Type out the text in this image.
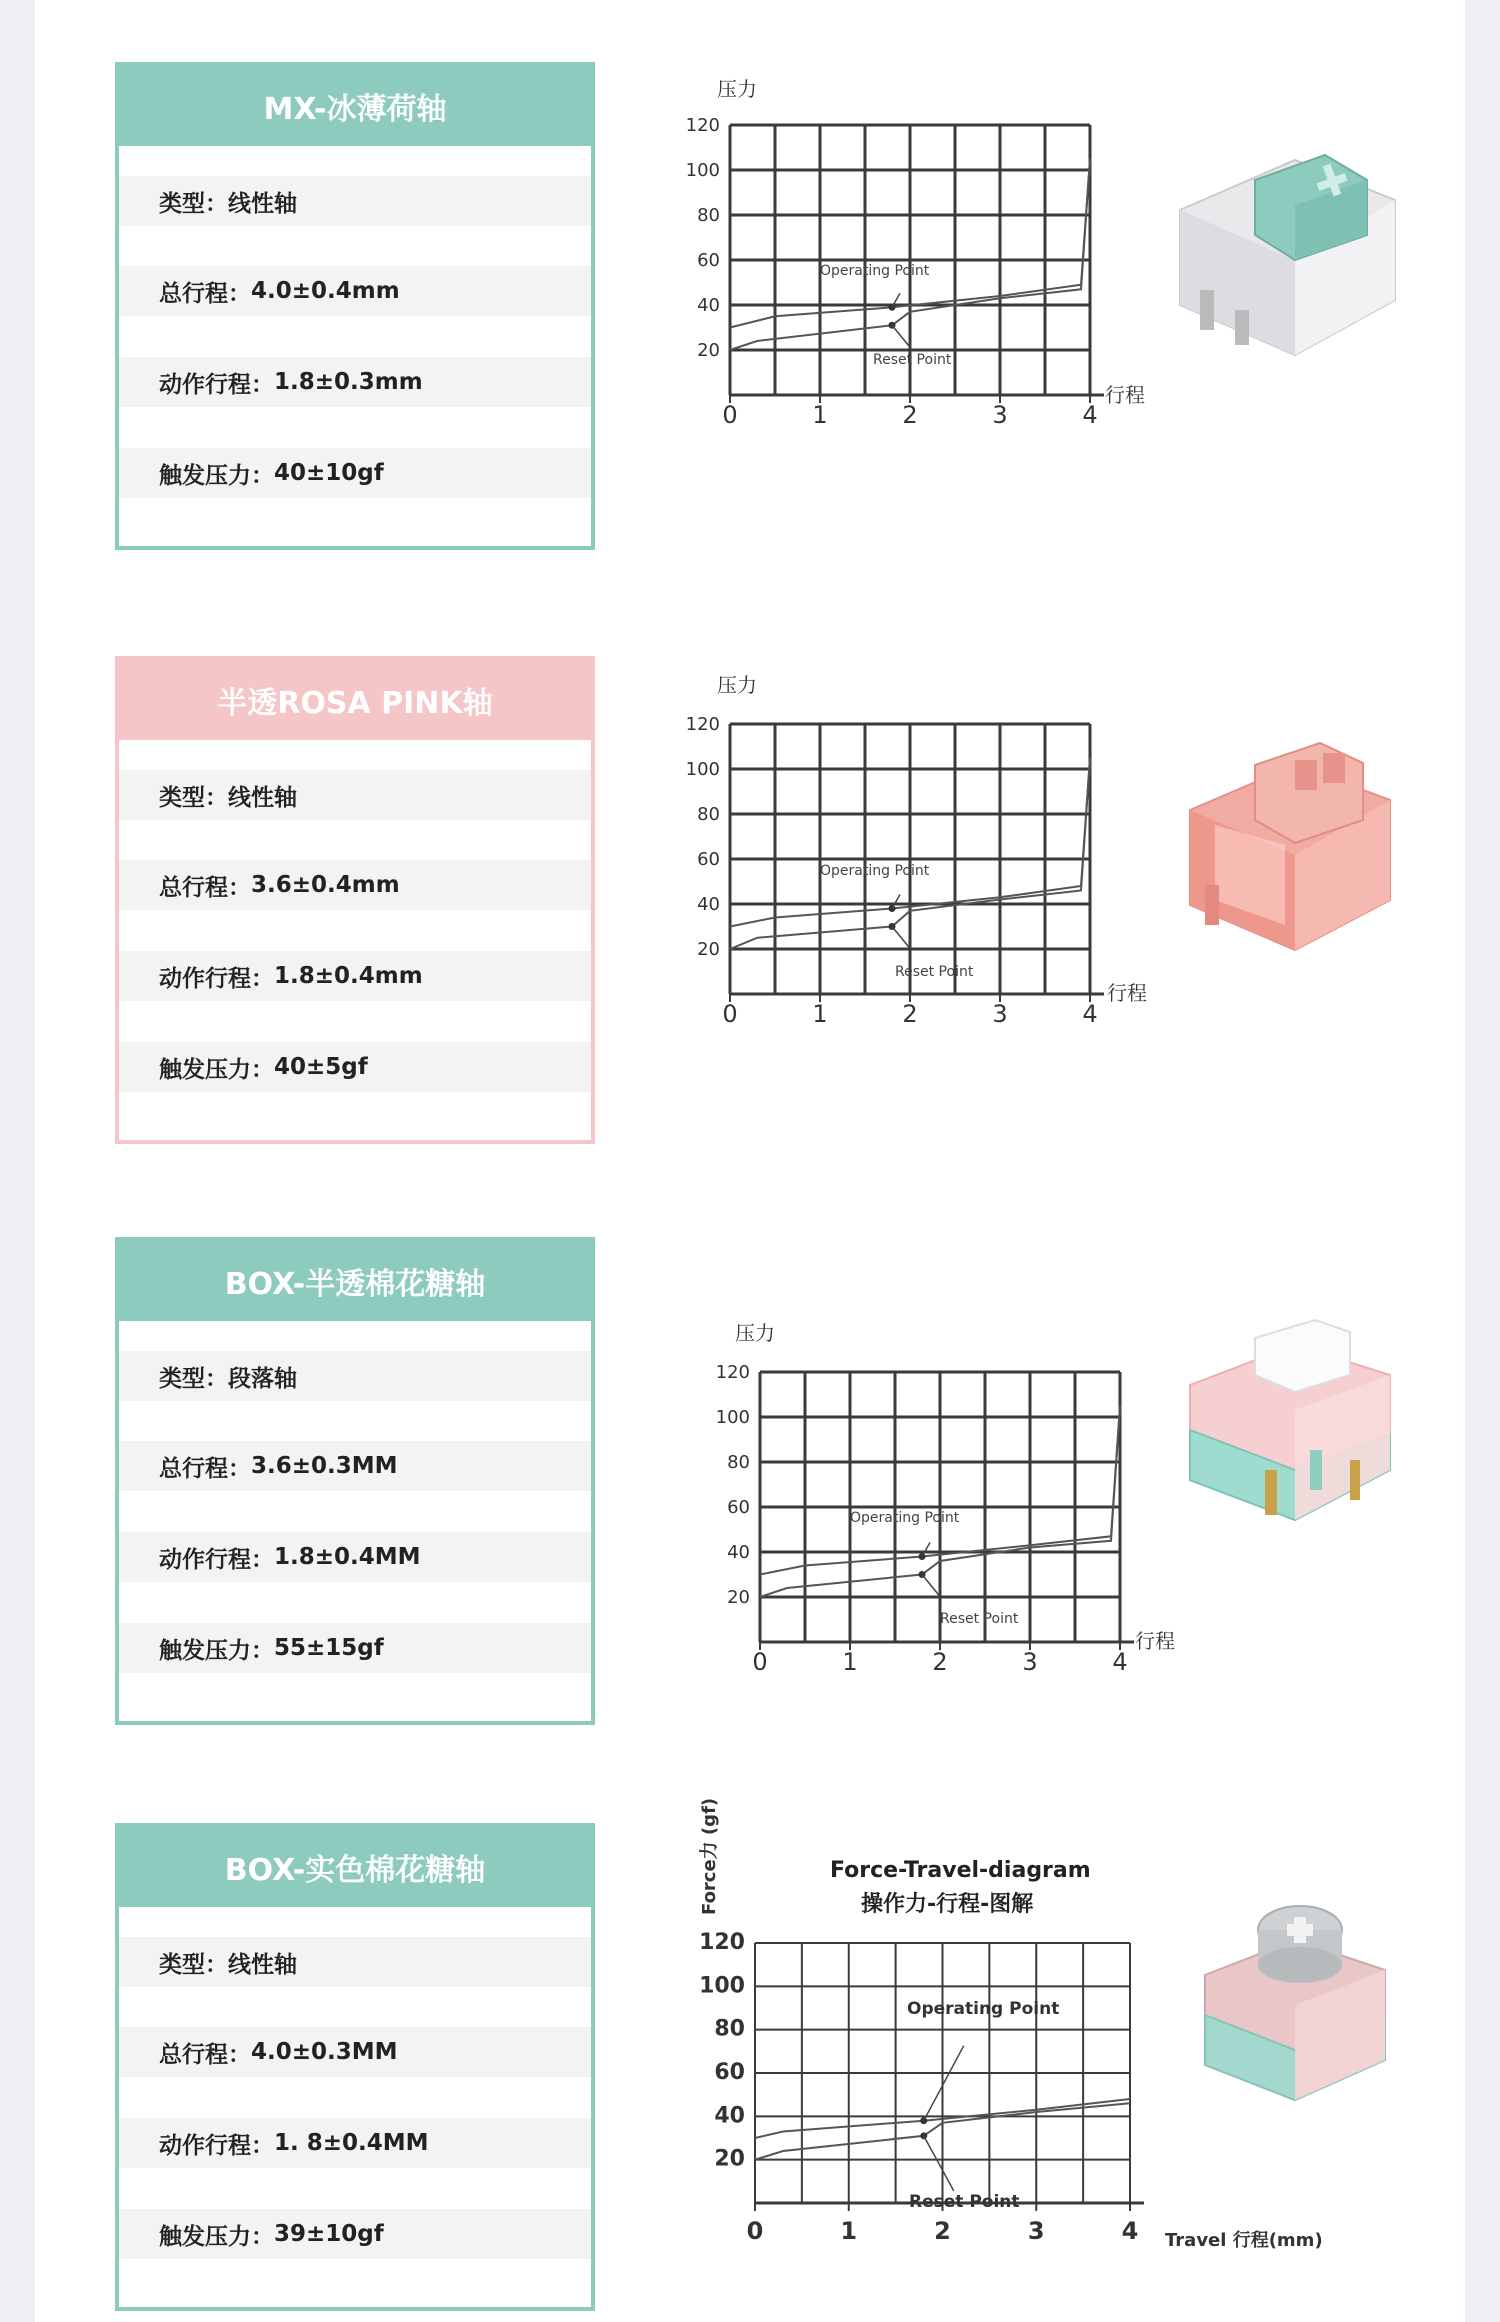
MX-冰薄荷轴
类型： 线性轴
总行程： 4.0±0.4mm
动作行程： 1.8±0.3mm
触发压力： 40±10gf
20
40
60
80
100
120
0	1	2	3	4
压力
行程
Operating Point
Reset Point
半透ROSA PINK轴
类型： 线性轴
总行程： 3.6±0.4mm
动作行程： 1.8±0.4mm
触发压力： 40±5gf
20
40
60
80
100
120
0	1	2	3	4
压力
行程
Operating Point
Reset Point
BOX-半透棉花糖轴
类型： 段落轴
总行程： 3.6±0.3MM
动作行程： 1.8±0.4MM
触发压力： 55±15gf
20
40
60
80
100
120
0	1	2	3	4
压力
行程
Operating Point
Reset Point
BOX-实色棉花糖轴
类型： 线性轴
总行程： 4.0±0.3MM
动作行程： 1. 8±0.4MM
触发压力： 39±10gf
20
40
60
80
100
120
0	1	2	3	4
Force力 (gf)	Force-Travel-diagram
操作力-行程-图解
Travel 行程(mm)
Operating Point
Reset Point
